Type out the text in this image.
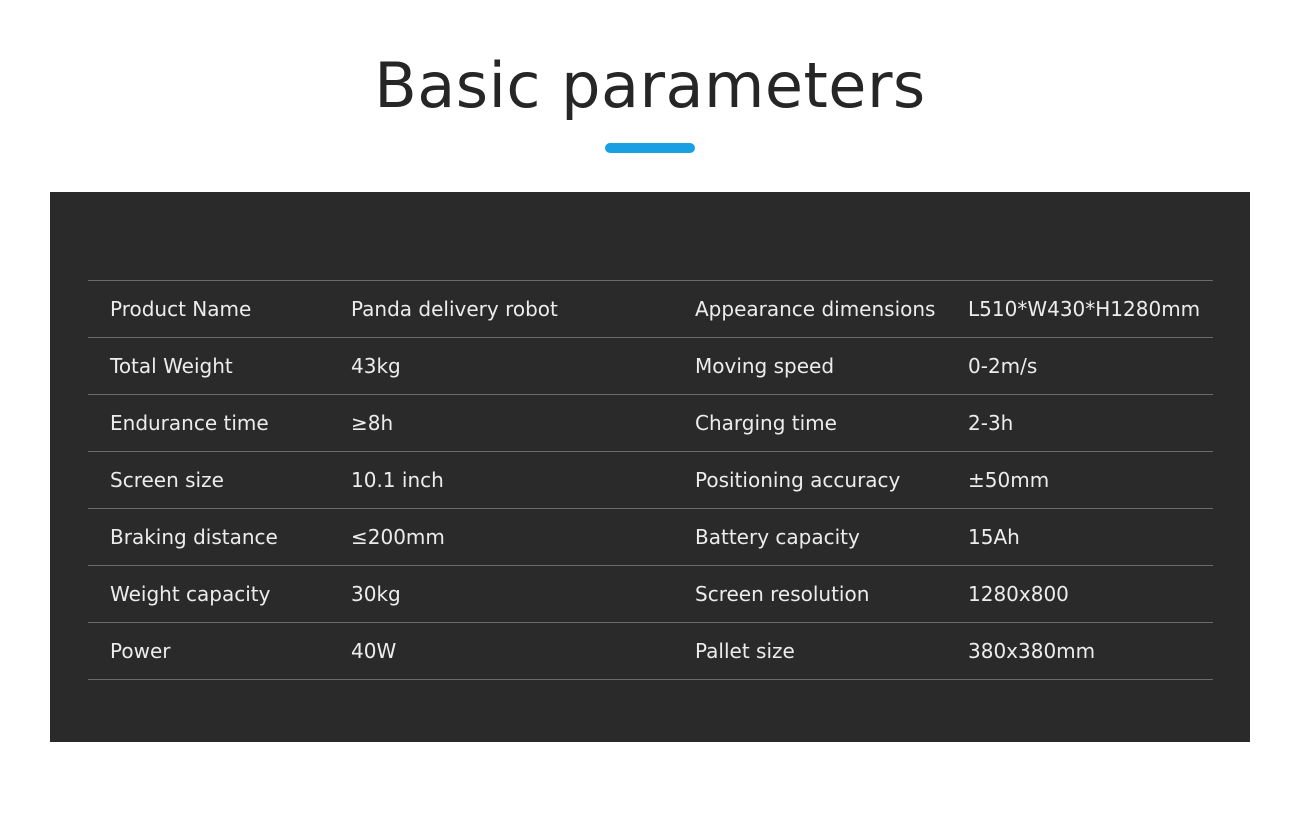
Basic parameters
Product Name	Panda delivery robot	Appearance dimensions L510*W430*H1280mm
Total Weight	43kg	Moving speed	0-2m/s
Endurance time	≥8h	Charging time	2-3h
Screen size	10.1 inch	Positioning accuracy	±50mm
Braking distance	≤200mm	Battery capacity	15Ah
Weight capacity	30kg	Screen resolution	1280x800
Power	40W	Pallet size	380x380mm
